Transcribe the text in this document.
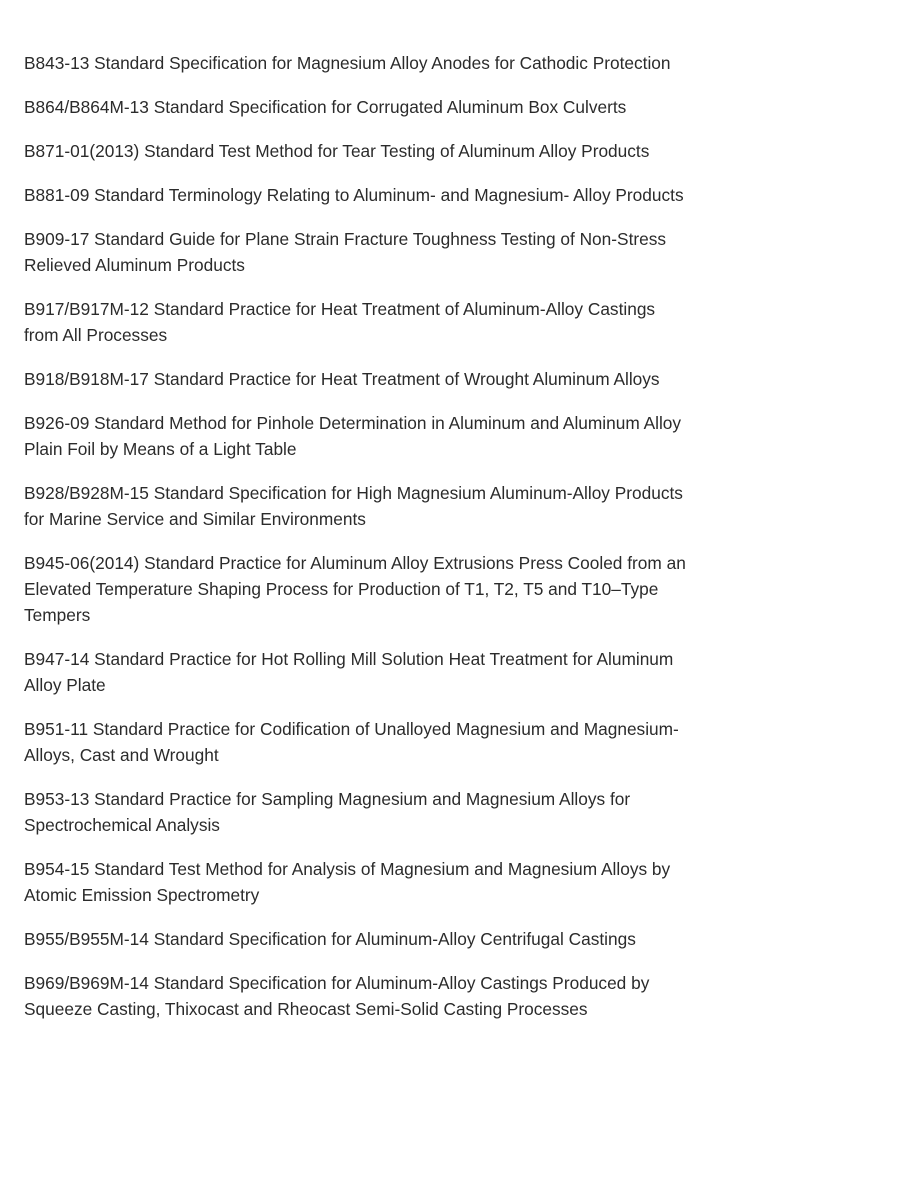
B843-13 Standard Specification for Magnesium Alloy Anodes for Cathodic Protection

B864/B864M-13 Standard Specification for Corrugated Aluminum Box Culverts

B871-01(2013) Standard Test Method for Tear Testing of Aluminum Alloy Products

B881-09 Standard Terminology Relating to Aluminum- and Magnesium- Alloy Products

B909-17 Standard Guide for Plane Strain Fracture Toughness Testing of Non-Stress Relieved Aluminum Products

B917/B917M-12 Standard Practice for Heat Treatment of Aluminum-Alloy Castings from All Processes

B918/B918M-17 Standard Practice for Heat Treatment of Wrought Aluminum Alloys

B926-09 Standard Method for Pinhole Determination in Aluminum and Aluminum Alloy Plain Foil by Means of a Light Table

B928/B928M-15 Standard Specification for High Magnesium Aluminum-Alloy Products for Marine Service and Similar Environments

B945-06(2014) Standard Practice for Aluminum Alloy Extrusions Press Cooled from an Elevated Temperature Shaping Process for Production of T1, T2, T5 and T10–Type Tempers

B947-14 Standard Practice for Hot Rolling Mill Solution Heat Treatment for Aluminum Alloy Plate

B951-11 Standard Practice for Codification of Unalloyed Magnesium and Magnesium-Alloys, Cast and Wrought

B953-13 Standard Practice for Sampling Magnesium and Magnesium Alloys for Spectrochemical Analysis

B954-15 Standard Test Method for Analysis of Magnesium and Magnesium Alloys by Atomic Emission Spectrometry

B955/B955M-14 Standard Specification for Aluminum-Alloy Centrifugal Castings

B969/B969M-14 Standard Specification for Aluminum-Alloy Castings Produced by Squeeze Casting, Thixocast and Rheocast Semi-Solid Casting Processes
